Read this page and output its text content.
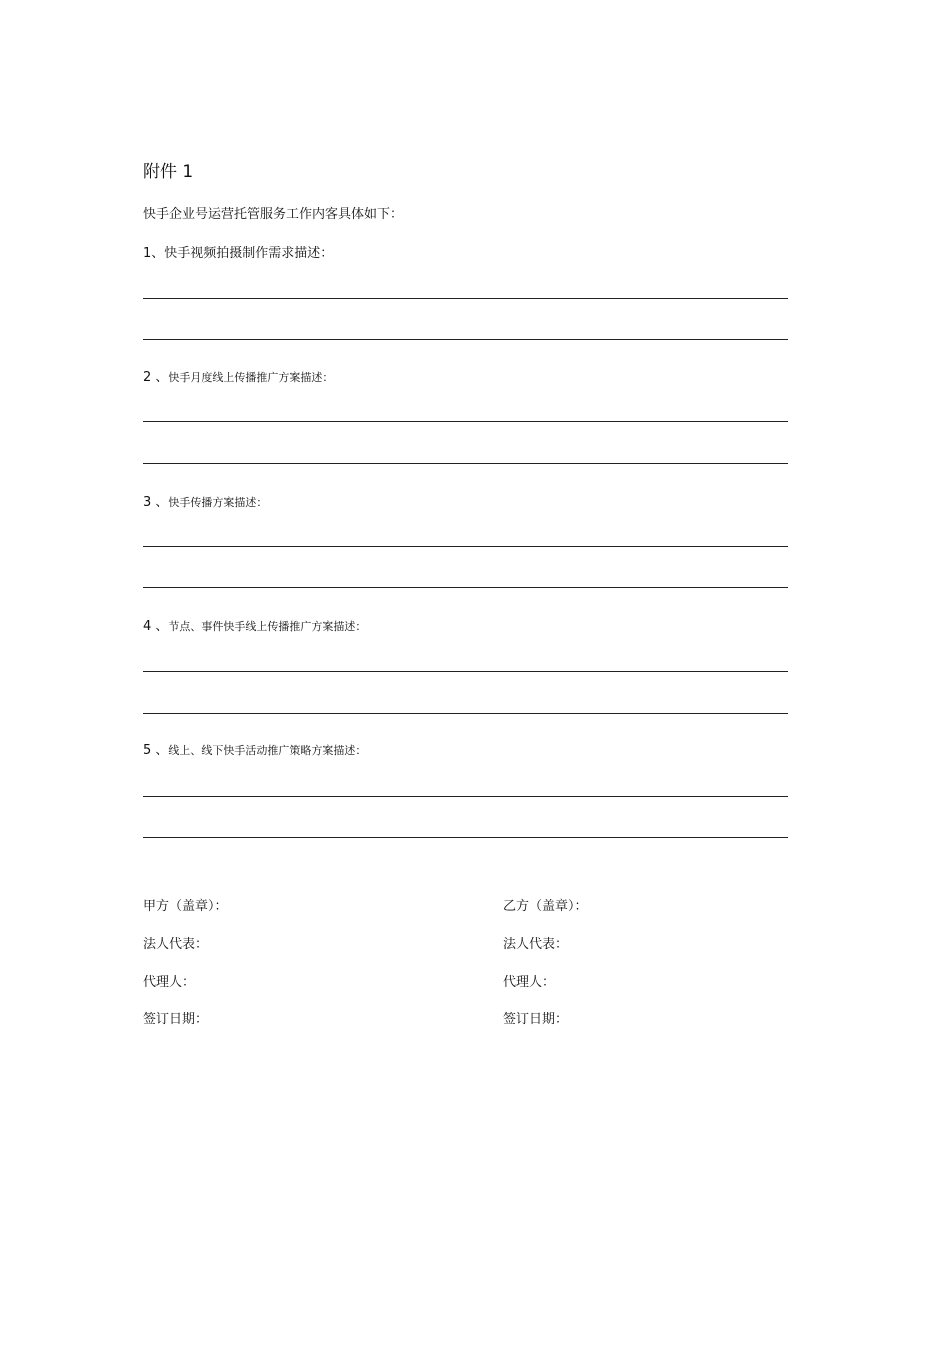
附件 1
快手企业号运营托管服务工作内客具体如下：
1、快手视频拍摄制作需求描述：
2 、快手月度线上传播推广方案描述：
3 、快手传播方案描述：
4 、节点、事件快手线上传播推广方案描述：
5 、线上、线下快手活动推广策略方案描述：
甲方（盖章）：
法人代表：
代理人：
签订日期：
乙方（盖章）：
法人代表：
代理人：
签订日期：
